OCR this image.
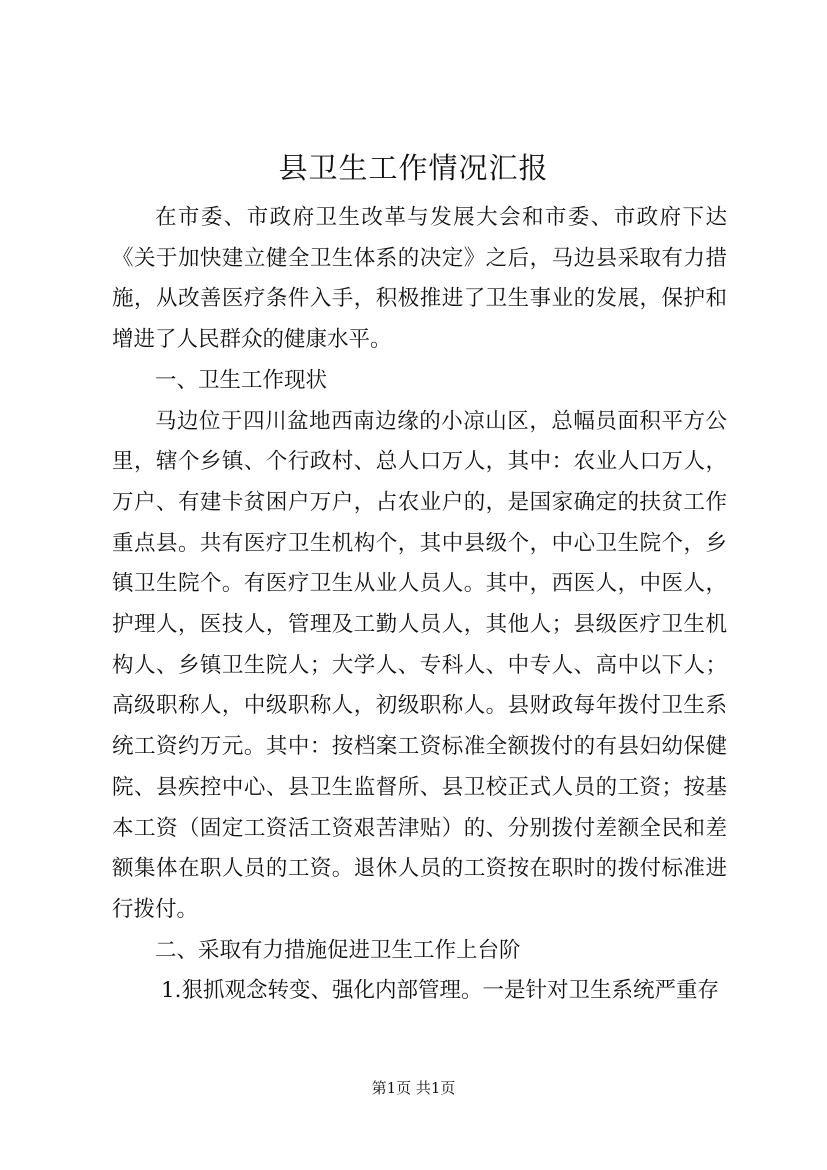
县卫生工作情况汇报

在市委、市政府卫生改革与发展大会和市委、市政府下达《关于加快建立健全卫生体系的决定》之后，马边县采取有力措施，从改善医疗条件入手，积极推进了卫生事业的发展，保护和增进了人民群众的健康水平。

一、卫生工作现状

马边位于四川盆地西南边缘的小凉山区，总幅员面积平方公里，辖个乡镇、个行政村、总人口万人，其中：农业人口万人，万户、有建卡贫困户万户，占农业户的，是国家确定的扶贫工作重点县。共有医疗卫生机构个，其中县级个，中心卫生院个，乡镇卫生院个。有医疗卫生从业人员人。其中，西医人，中医人，护理人，医技人，管理及工勤人员人，其他人；县级医疗卫生机构人、乡镇卫生院人；大学人、专科人、中专人、高中以下人；高级职称人，中级职称人，初级职称人。县财政每年拨付卫生系统工资约万元。其中：按档案工资标准全额拨付的有县妇幼保健院、县疾控中心、县卫生监督所、县卫校正式人员的工资；按基本工资（固定工资活工资艰苦津贴）的、分别拨付差额全民和差额集体在职人员的工资。退休人员的工资按在职时的拨付标准进行拨付。

二、采取有力措施促进卫生工作上台阶

1.狠抓观念转变、强化内部管理。一是针对卫生系统严重存

第1页 共1页
